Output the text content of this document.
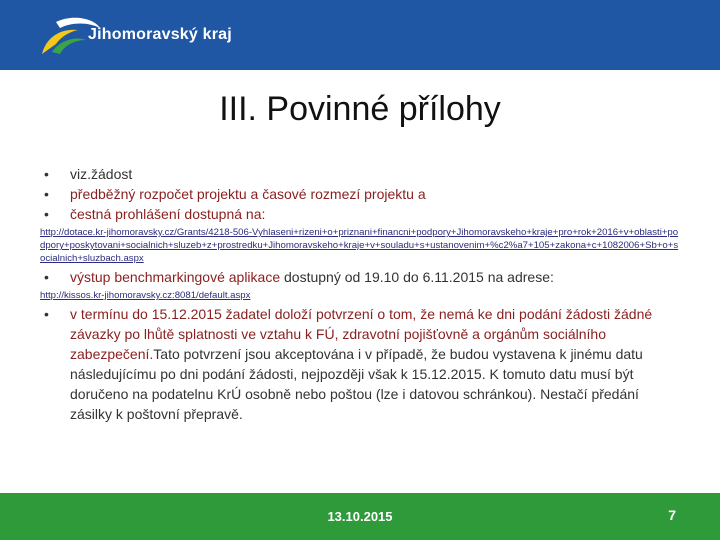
Jihomoravský kraj
III. Povinné přílohy
• viz.žádost
• předběžný rozpočet projektu a časové rozmezí projektu a
• čestná prohlášení dostupná na:
http://dotace.kr-jihomoravsky.cz/Grants/4218-506-Vyhlaseni+rizeni+o+priznani+financni+podpory+Jihomoravskeho+kraje+pro+rok+2016+v+oblasti+podpory+poskytovani+socialnich+sluzeb+z+prostredku+Jihomoravskeho+kraje+v+souladu+s+ustanovenim+%c2%a7+105+zakona+c+1082006+Sb+o+socialnich+sluzbach.aspx
• výstup benchmarkingové aplikace dostupný od 19.10 do 6.11.2015 na adrese:
http://kissos.kr-jihomoravsky.cz:8081/default.aspx
• v termínu do 15.12.2015 žadatel doloží potvrzení o tom, že nemá ke dni podání žádosti žádné závazky po lhůtě splatnosti ve vztahu k FÚ, zdravotní pojišťovně a orgánům sociálního zabezpečení.Tato potvrzení jsou akceptována i v případě, že budou vystavena k jinému datu následujícímu po dni podání žádosti, nejpozději však k 15.12.2015. K tomuto datu musí být doručeno na podatelnu KrÚ osobně nebo poštou (lze i datovou schránkou). Nestačí předání zásilky k poštovní přepravě.
13.10.2015	7
